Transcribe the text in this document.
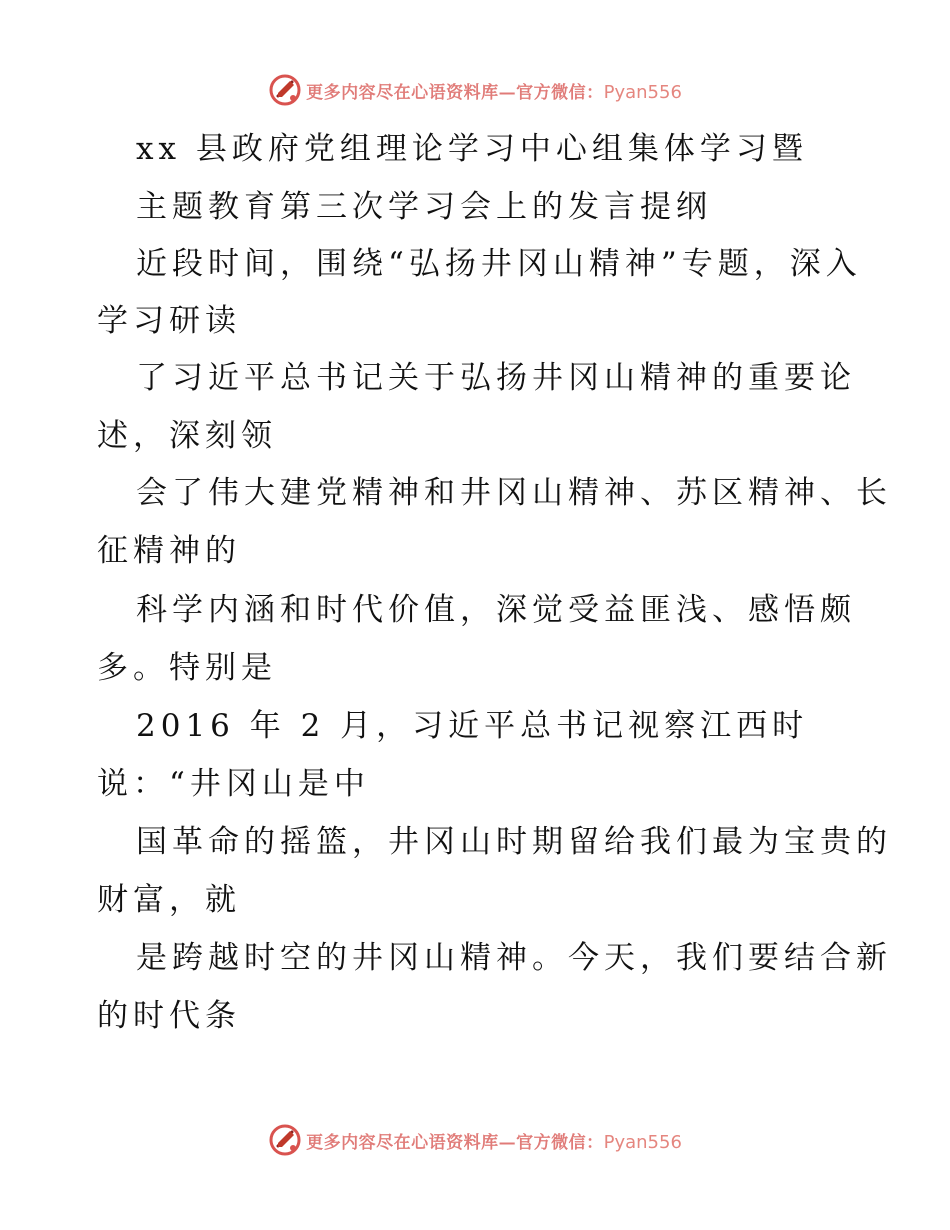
更多内容尽在心语资料库—官方微信：Pyan556
xx 县政府党组理论学习中心组集体学习暨
主题教育第三次学习会上的发言提纲
近段时间，围绕“弘扬井冈山精神”专题，深入
学习研读
了习近平总书记关于弘扬井冈山精神的重要论
述，深刻领
会了伟大建党精神和井冈山精神、苏区精神、长
征精神的
科学内涵和时代价值，深觉受益匪浅、感悟颇
多。特别是
2016 年 2 月，习近平总书记视察江西时
说：“井冈山是中
国革命的摇篮，井冈山时期留给我们最为宝贵的
财富，就
是跨越时空的井冈山精神。今天，我们要结合新
的时代条
更多内容尽在心语资料库—官方微信：Pyan556
